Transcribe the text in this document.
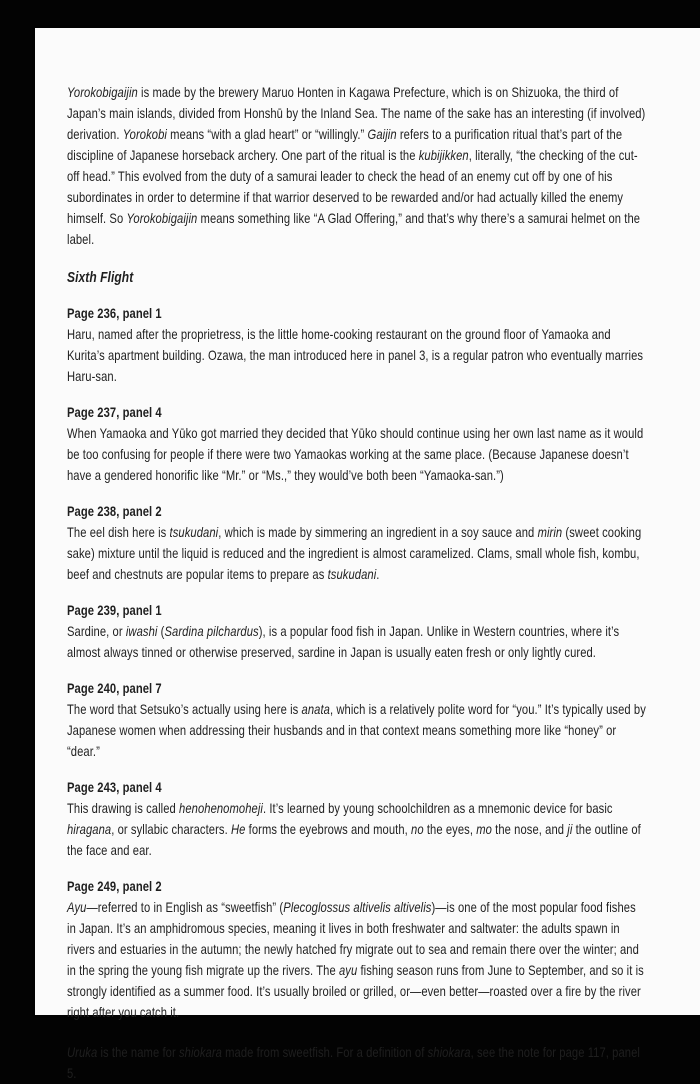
Yorokobigaijin is made by the brewery Maruo Honten in Kagawa Prefecture, which is on Shizuoka, the third of Japan’s main islands, divided from Honshū by the Inland Sea. The name of the sake has an interesting (if involved) derivation. Yorokobi means “with a glad heart” or “willingly.” Gaijin refers to a purification ritual that’s part of the discipline of Japanese horseback archery. One part of the ritual is the kubijikken, literally, “the checking of the cut-off head.” This evolved from the duty of a samurai leader to check the head of an enemy cut off by one of his subordinates in order to determine if that warrior deserved to be rewarded and/or had actually killed the enemy himself. So Yorokobigaijin means something like “A Glad Offering,” and that’s why there’s a samurai helmet on the label.

Sixth Flight
Page 236, panel 1

Haru, named after the proprietress, is the little home-cooking restaurant on the ground floor of Yamaoka and Kurita’s apartment building. Ozawa, the man introduced here in panel 3, is a regular patron who eventually marries Haru-san.

Page 237, panel 4

When Yamaoka and Yūko got married they decided that Yūko should continue using her own last name as it would be too confusing for people if there were two Yamaokas working at the same place. (Because Japanese doesn’t have a gendered honorific like “Mr.” or “Ms.,” they would’ve both been “Yamaoka-san.”)

Page 238, panel 2

The eel dish here is tsukudani, which is made by simmering an ingredient in a soy sauce and mirin (sweet cooking sake) mixture until the liquid is reduced and the ingredient is almost caramelized. Clams, small whole fish, kombu, beef and chestnuts are popular items to prepare as tsukudani.

Page 239, panel 1

Sardine, or iwashi (Sardina pilchardus), is a popular food fish in Japan. Unlike in Western countries, where it’s almost always tinned or otherwise preserved, sardine in Japan is usually eaten fresh or only lightly cured.

Page 240, panel 7

The word that Setsuko’s actually using here is anata, which is a relatively polite word for “you.” It’s typically used by Japanese women when addressing their husbands and in that context means something more like “honey” or “dear.”

Page 243, panel 4

This drawing is called henohenomoheji. It’s learned by young schoolchildren as a mnemonic device for basic hiragana, or syllabic characters. He forms the eyebrows and mouth, no the eyes, mo the nose, and ji the outline of the face and ear.

Page 249, panel 2

Ayu—referred to in English as “sweetfish” (Plecoglossus altivelis altivelis)—is one of the most popular food fishes in Japan. It’s an amphidromous species, meaning it lives in both freshwater and saltwater: the adults spawn in rivers and estuaries in the autumn; the newly hatched fry migrate out to sea and remain there over the winter; and in the spring the young fish migrate up the rivers. The ayu fishing season runs from June to September, and so it is strongly identified as a summer food. It’s usually broiled or grilled, or—even better—roasted over a fire by the river right after you catch it.

Uruka is the name for shiokara made from sweetfish. For a definition of shiokara, see the note for page 117, panel 5.
